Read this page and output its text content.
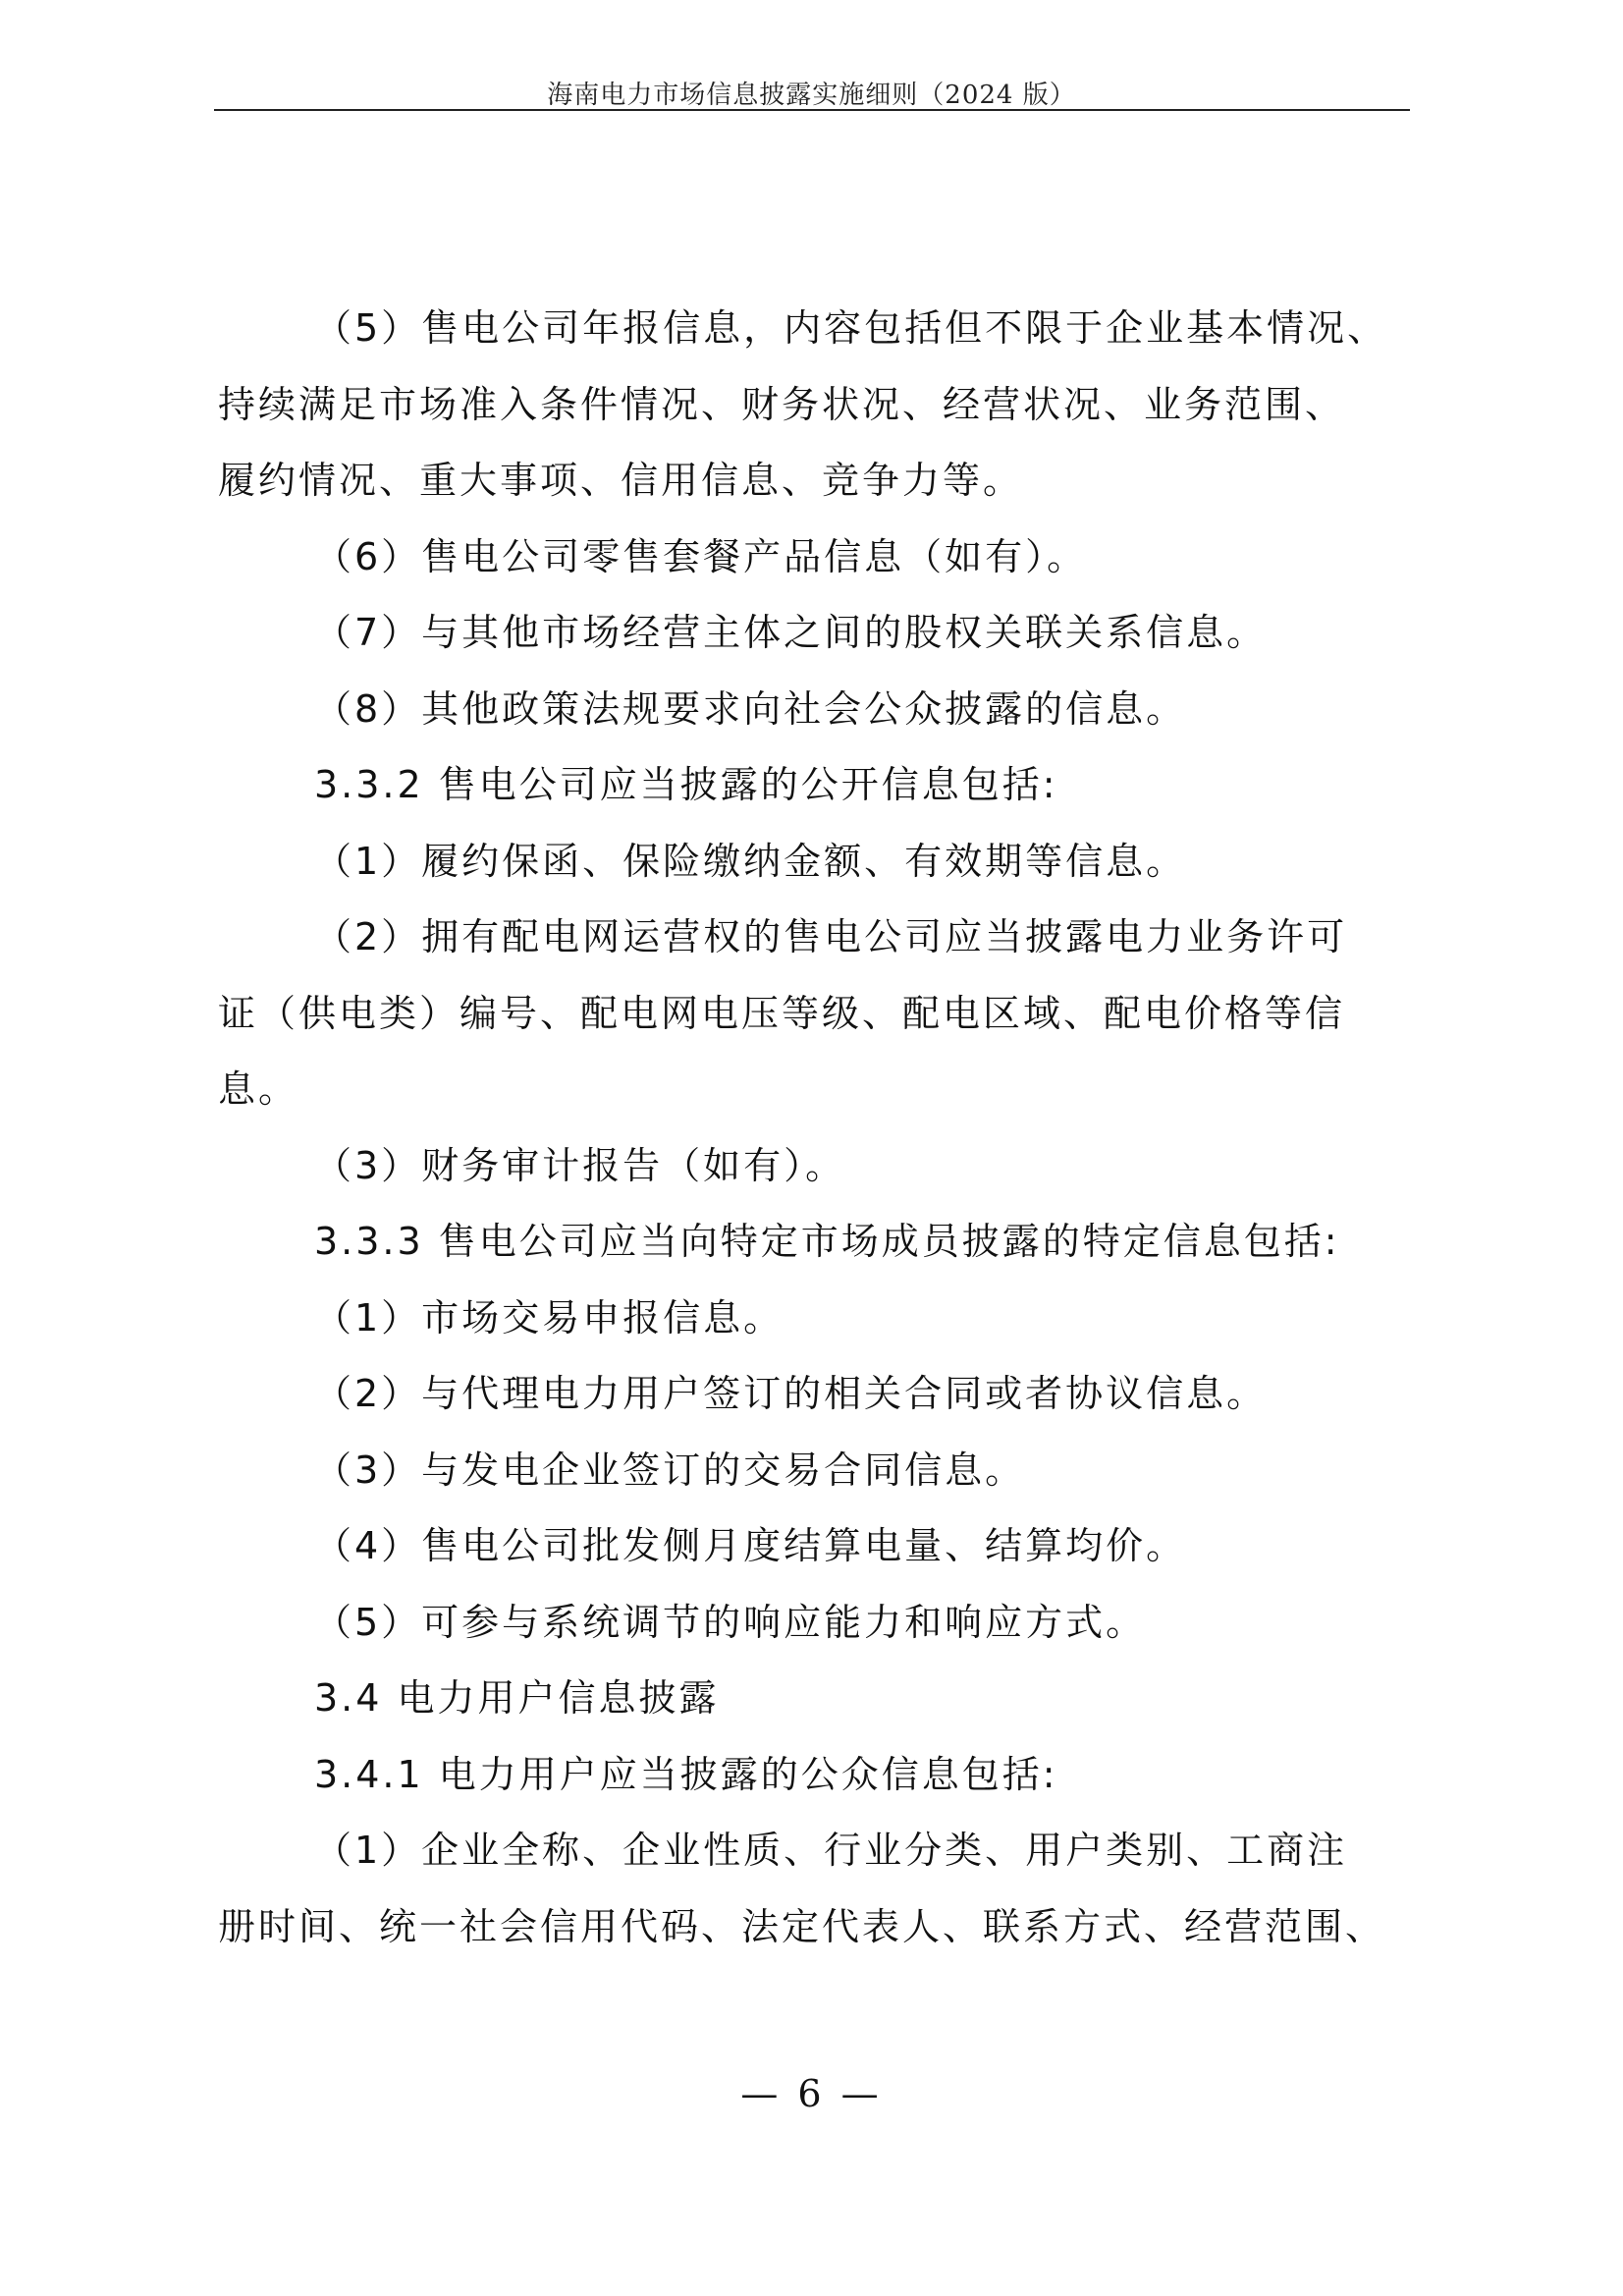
海南电力市场信息披露实施细则（2024 版）

（5）售电公司年报信息，内容包括但不限于企业基本情况、

持续满足市场准入条件情况、财务状况、经营状况、业务范围、

履约情况、重大事项、信用信息、竞争力等。

（6）售电公司零售套餐产品信息（如有）。

（7）与其他市场经营主体之间的股权关联关系信息。

（8）其他政策法规要求向社会公众披露的信息。

3.3.2 售电公司应当披露的公开信息包括:

（1）履约保函、保险缴纳金额、有效期等信息。

（2）拥有配电网运营权的售电公司应当披露电力业务许可

证（供电类）编号、配电网电压等级、配电区域、配电价格等信

息。

（3）财务审计报告（如有）。

3.3.3 售电公司应当向特定市场成员披露的特定信息包括:

（1）市场交易申报信息。

（2）与代理电力用户签订的相关合同或者协议信息。

（3）与发电企业签订的交易合同信息。

（4）售电公司批发侧月度结算电量、结算均价。

（5）可参与系统调节的响应能力和响应方式。

3.4 电力用户信息披露

3.4.1 电力用户应当披露的公众信息包括:

（1）企业全称、企业性质、行业分类、用户类别、工商注

册时间、统一社会信用代码、法定代表人、联系方式、经营范围、

— 6 —
